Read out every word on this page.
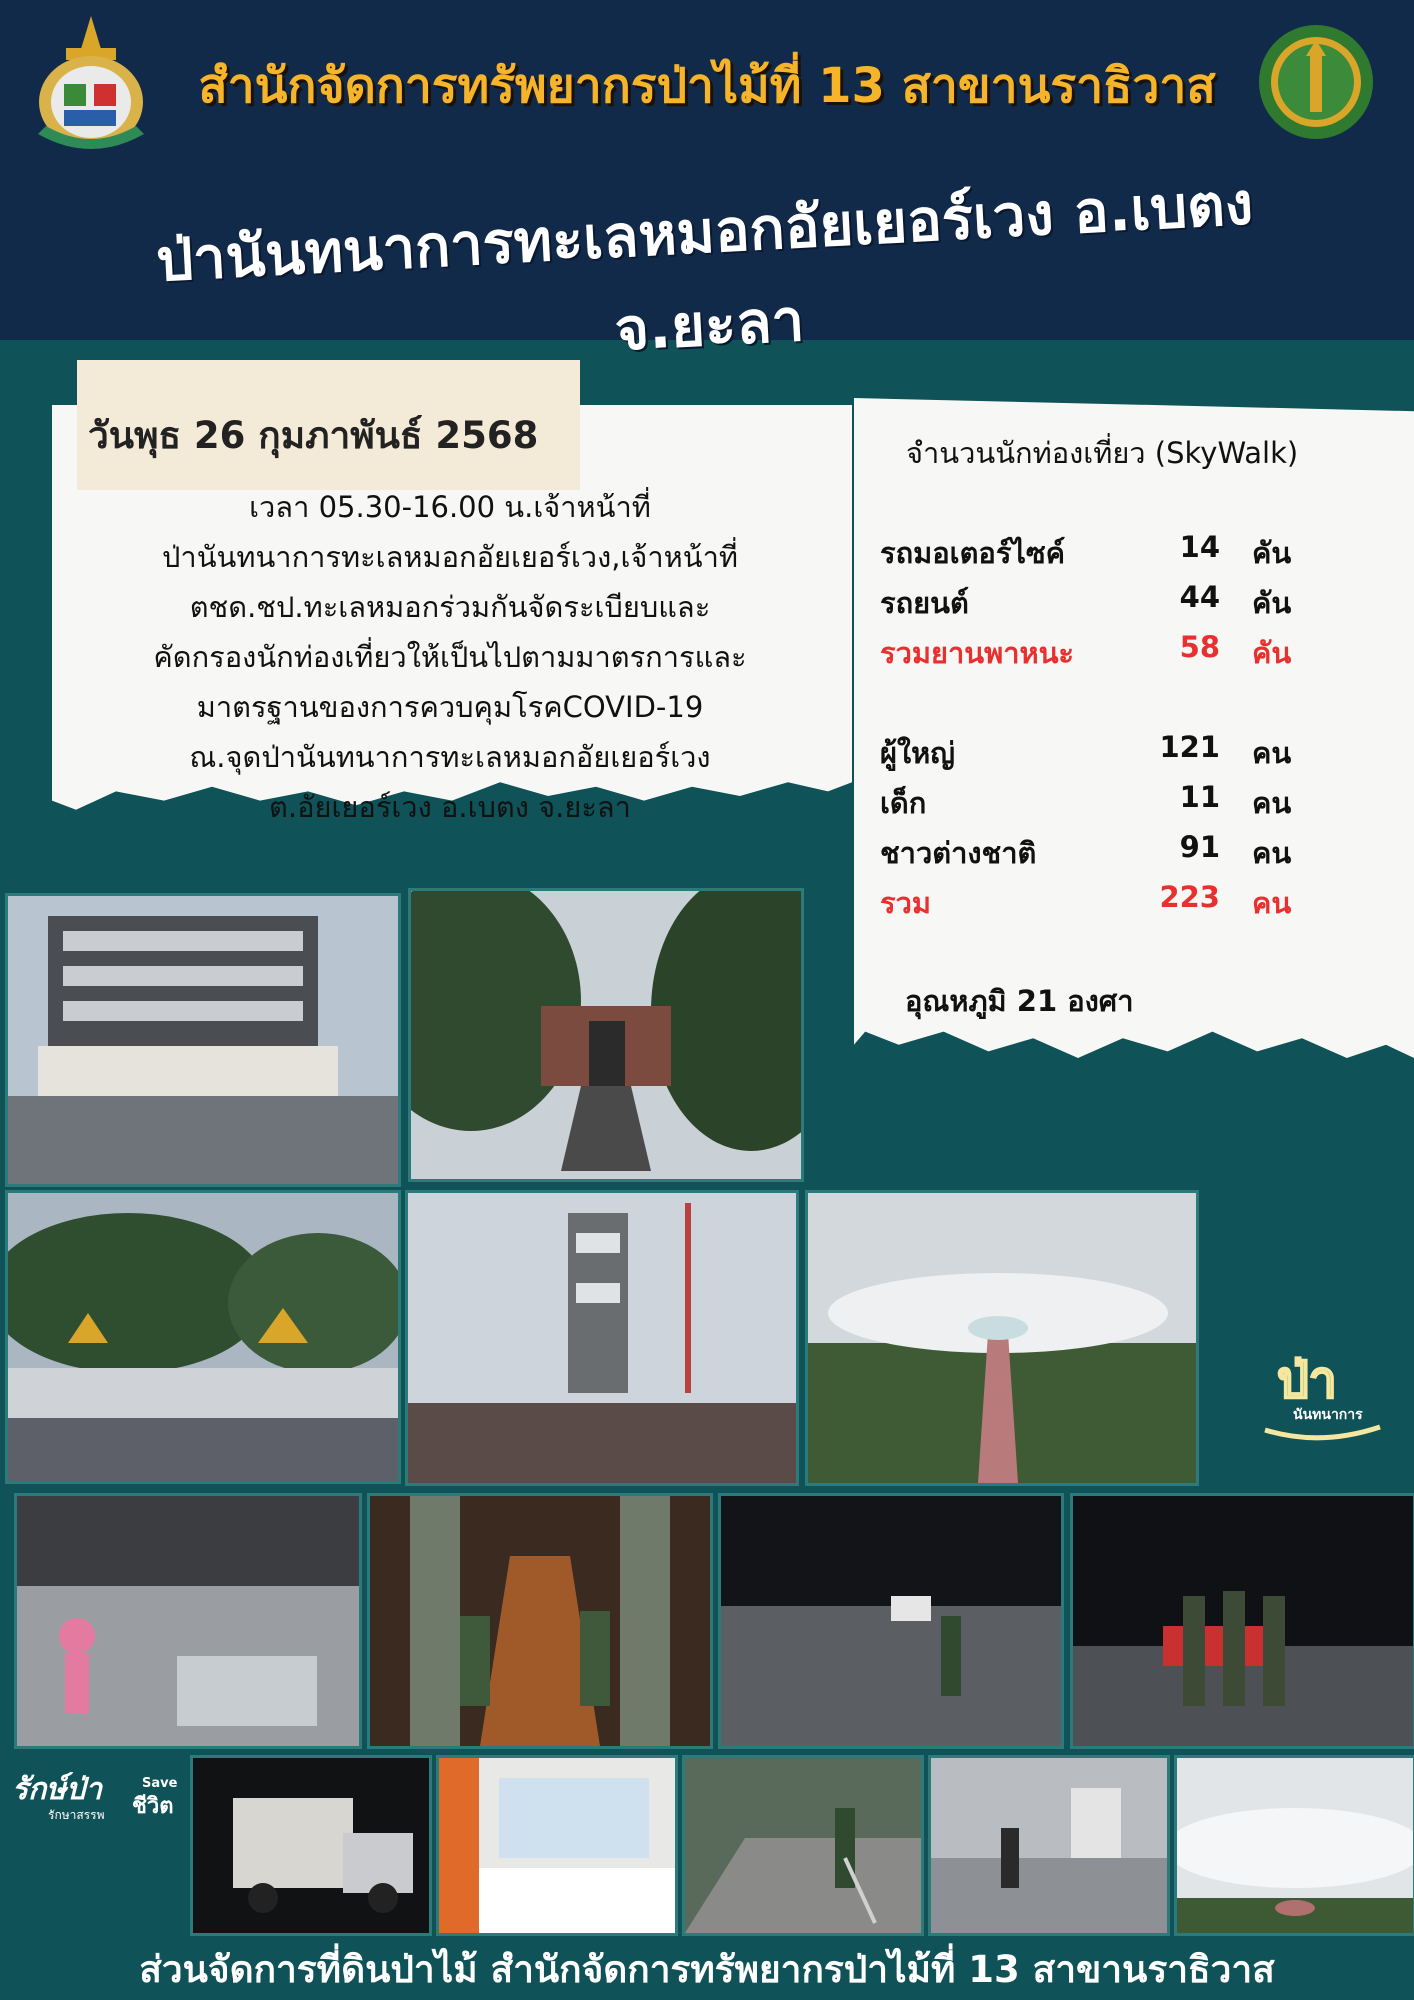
สำนักจัดการทรัพยากรป่าไม้ที่ 13 สาขานราธิวาส
ป่านันทนาการทะเลหมอกอัยเยอร์เวง อ.เบตง จ.ยะลา
วันพุธ 26 กุมภาพันธ์ 2568
เวลา 05.30-16.00 น.เจ้าหน้าที่
ป่านันทนาการทะเลหมอกอัยเยอร์เวง,เจ้าหน้าที่
ตชด.ชป.ทะเลหมอกร่วมกันจัดระเบียบและ
คัดกรองนักท่องเที่ยวให้เป็นไปตามมาตรการและ
มาตรฐานของการควบคุมโรคCOVID-19
ณ.จุดป่านันทนาการทะเลหมอกอัยเยอร์เวง
ต.อัยเยอร์เวง อ.เบตง จ.ยะลา
จำนวนนักท่องเที่ยว (SkyWalk)
รถมอเตอร์ไซค์	14 คัน
รถยนต์	44 คัน
รวมยานพาหนะ	58 คัน
ผู้ใหญ่	121 คน
เด็ก	11 คน
ชาวต่างชาติ	91 คน
รวม	223 คน
อุณหภูมิ 21 องศา
รักษ์ป่า
รักษาสรรพ
Save
ชีวิต
ป่า
นันทนาการ
ส่วนจัดการที่ดินป่าไม้ สำนักจัดการทรัพยากรป่าไม้ที่ 13 สาขานราธิวาส
